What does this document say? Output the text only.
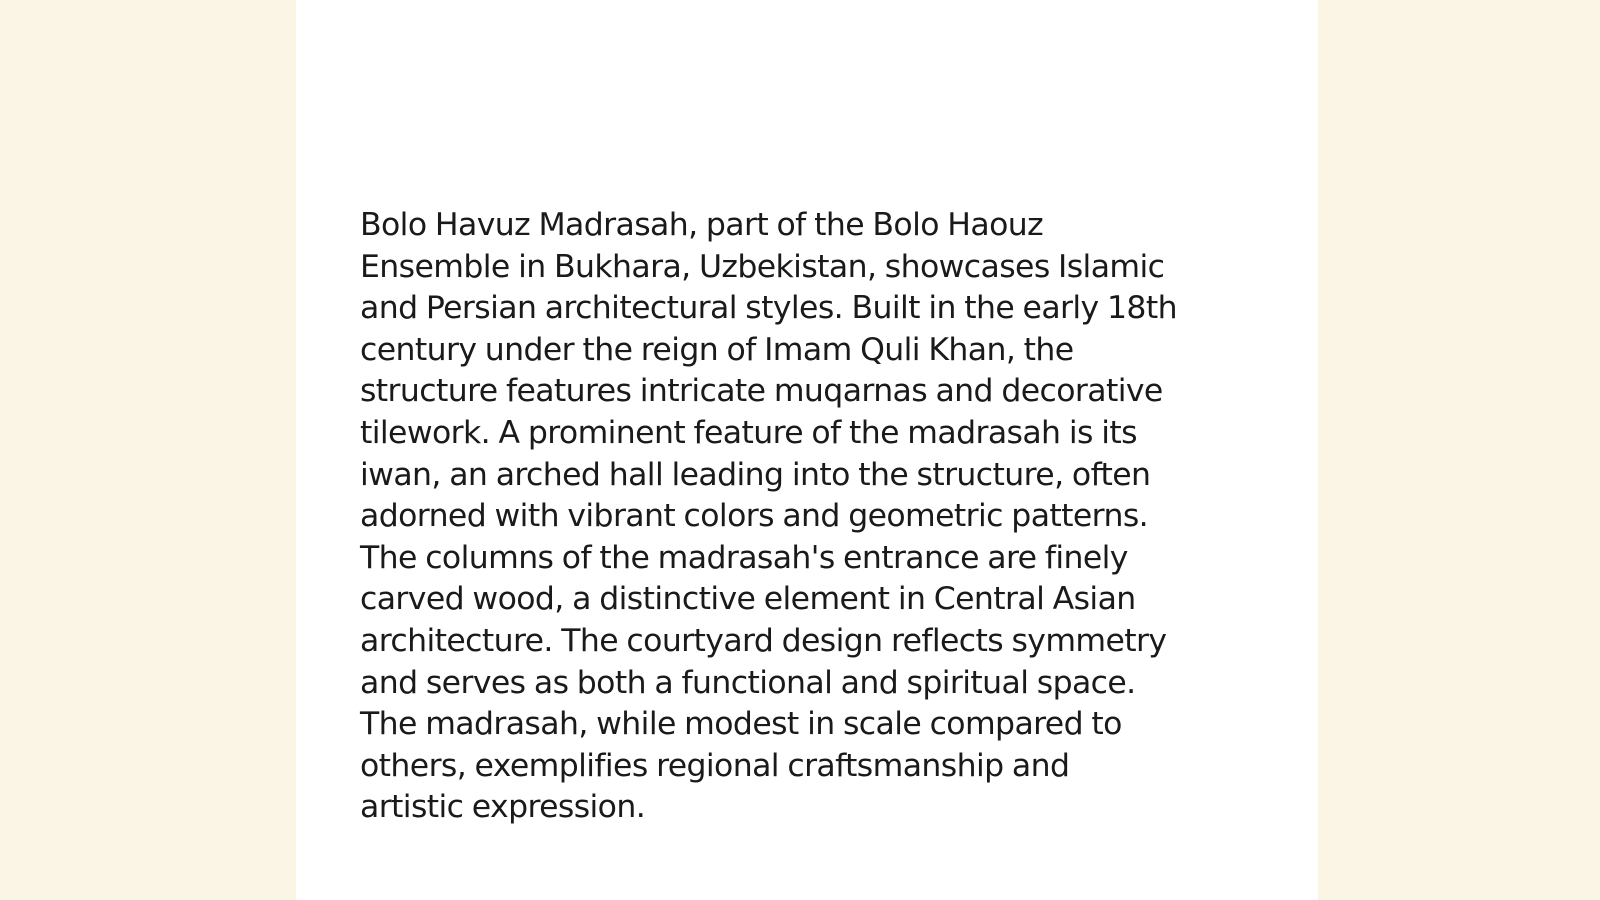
Bolo Havuz Madrasah, part of the Bolo Haouz
Ensemble in Bukhara, Uzbekistan, showcases Islamic
and Persian architectural styles. Built in the early 18th
century under the reign of Imam Quli Khan, the
structure features intricate muqarnas and decorative
tilework. A prominent feature of the madrasah is its
iwan, an arched hall leading into the structure, often
adorned with vibrant colors and geometric patterns.
The columns of the madrasah's entrance are finely
carved wood, a distinctive element in Central Asian
architecture. The courtyard design reflects symmetry
and serves as both a functional and spiritual space.
The madrasah, while modest in scale compared to
others, exemplifies regional craftsmanship and
artistic expression.
